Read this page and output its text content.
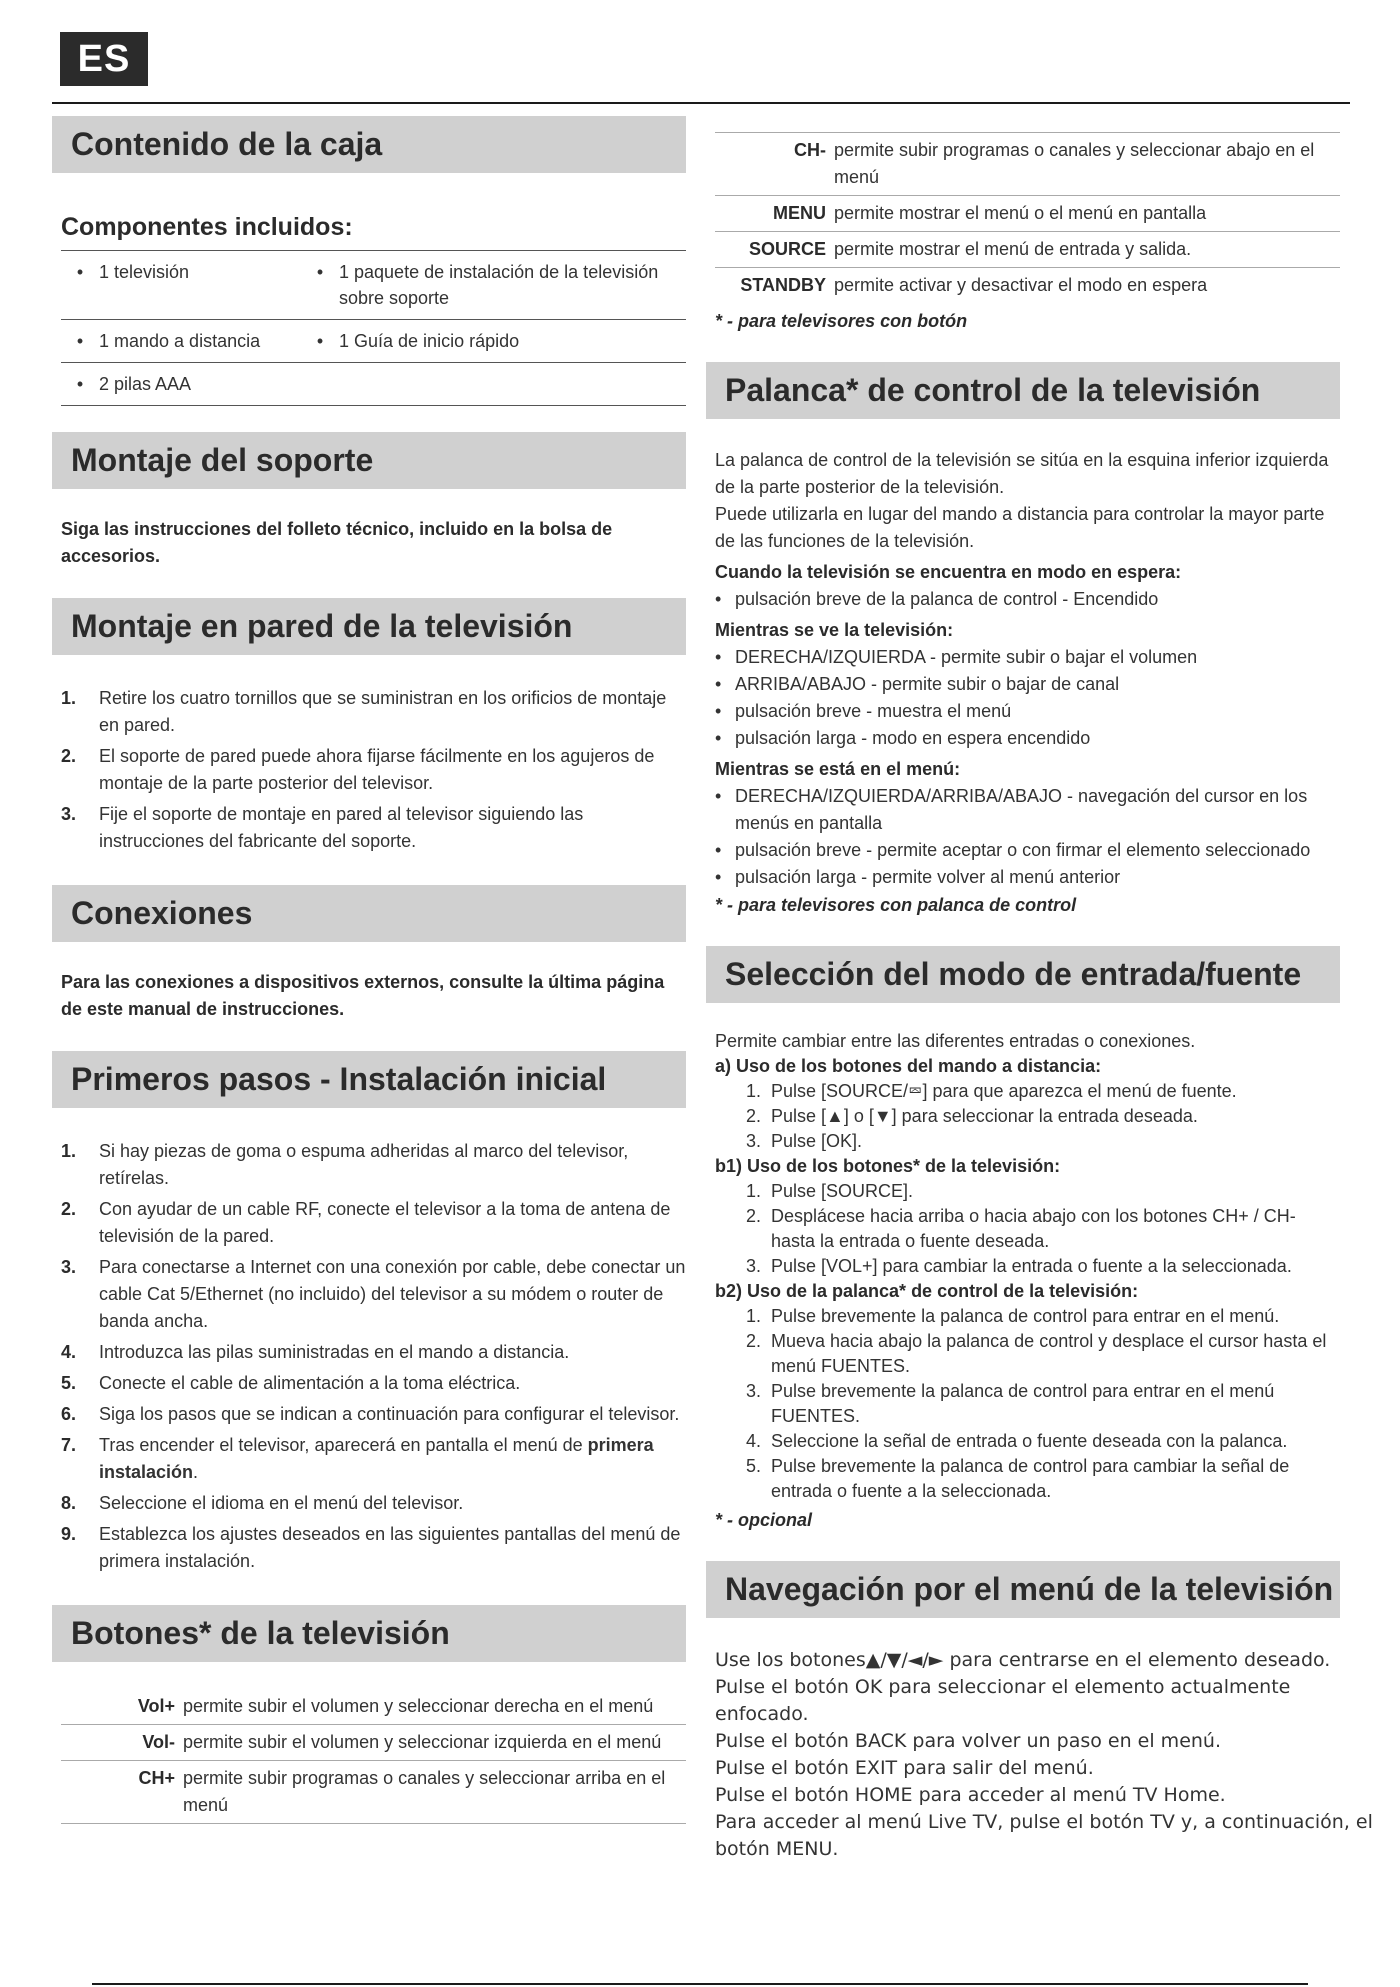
ES
Contenido de la caja
Componentes incluidos:
• 1 televisión	• 1 paquete de instalación de la televisión sobre soporte
• 1 mando a distancia	• 1 Guía de inicio rápido
• 2 pilas AAA
Montaje del soporte
Siga las instrucciones del folleto técnico, incluido en la bolsa de accesorios.
Montaje en pared de la televisión
1.	Retire los cuatro tornillos que se suministran en los orificios de montaje en pared.
2.	El soporte de pared puede ahora fijarse fácilmente en los agujeros de montaje de la parte posterior del televisor.
3.	Fije el soporte de montaje en pared al televisor siguiendo las instrucciones del fabricante del soporte.
Conexiones
Para las conexiones a dispositivos externos, consulte la última página de este manual de instrucciones.
Primeros pasos - Instalación inicial
1.	Si hay piezas de goma o espuma adheridas al marco del televisor, retírelas.
2.	Con ayudar de un cable RF, conecte el televisor a la toma de antena de televisión de la pared.
3.	Para conectarse a Internet con una conexión por cable, debe conectar un cable Cat 5/Ethernet (no incluido) del televisor a su módem o router de banda ancha.
4.	Introduzca las pilas suministradas en el mando a distancia.
5.	Conecte el cable de alimentación a la toma eléctrica.
6.	Siga los pasos que se indican a continuación para configurar el televisor.
7.	Tras encender el televisor, aparecerá en pantalla el menú de primera instalación.
8.	Seleccione el idioma en el menú del televisor.
9.	Establezca los ajustes deseados en las siguientes pantallas del menú de primera instalación.
Botones* de la televisión
Vol+ permite subir el volumen y seleccionar derecha en el menú
Vol- permite subir el volumen y seleccionar izquierda en el menú
CH+ permite subir programas o canales y seleccionar arriba en el menú
CH- permite subir programas o canales y seleccionar abajo en el menú
MENU permite mostrar el menú o el menú en pantalla
SOURCE permite mostrar el menú de entrada y salida.
STANDBY permite activar y desactivar el modo en espera
* - para televisores con botón
Palanca* de control de la televisión
La palanca de control de la televisión se sitúa en la esquina inferior izquierda de la parte posterior de la televisión.
Puede utilizarla en lugar del mando a distancia para controlar la mayor parte de las funciones de la televisión.
Cuando la televisión se encuentra en modo en espera:
• pulsación breve de la palanca de control - Encendido
Mientras se ve la televisión:
• DERECHA/IZQUIERDA - permite subir o bajar el volumen
• ARRIBA/ABAJO - permite subir o bajar de canal
• pulsación breve - muestra el menú
• pulsación larga - modo en espera encendido
Mientras se está en el menú:
• DERECHA/IZQUIERDA/ARRIBA/ABAJO - navegación del cursor en los menús en pantalla
• pulsación breve - permite aceptar o con firmar el elemento seleccionado
• pulsación larga - permite volver al menú anterior
* - para televisores con palanca de control
Selección del modo de entrada/fuente
Permite cambiar entre las diferentes entradas o conexiones.
a) Uso de los botones del mando a distancia:
1. Pulse [SOURCE/⮹] para que aparezca el menú de fuente.
2. Pulse [▲] o [▼] para seleccionar la entrada deseada.
3. Pulse [OK].
b1) Uso de los botones* de la televisión:
1. Pulse [SOURCE].
2. Desplácese hacia arriba o hacia abajo con los botones CH+ / CH- hasta la entrada o fuente deseada.
3. Pulse [VOL+] para cambiar la entrada o fuente a la seleccionada.
b2) Uso de la palanca* de control de la televisión:
1. Pulse brevemente la palanca de control para entrar en el menú.
2. Mueva hacia abajo la palanca de control y desplace el cursor hasta el menú FUENTES.
3. Pulse brevemente la palanca de control para entrar en el menú FUENTES.
4. Seleccione la señal de entrada o fuente deseada con la palanca.
5. Pulse brevemente la palanca de control para cambiar la señal de entrada o fuente a la seleccionada.
* - opcional
Navegación por el menú de la televisión
Use los botones▲/▼/◄/► para centrarse en el elemento deseado.
Pulse el botón OK para seleccionar el elemento actualmente
enfocado.
Pulse el botón BACK para volver un paso en el menú.
Pulse el botón EXIT para salir del menú.
Pulse el botón HOME para acceder al menú TV Home.
Para acceder al menú Live TV, pulse el botón TV y, a continuación, el
botón MENU.
